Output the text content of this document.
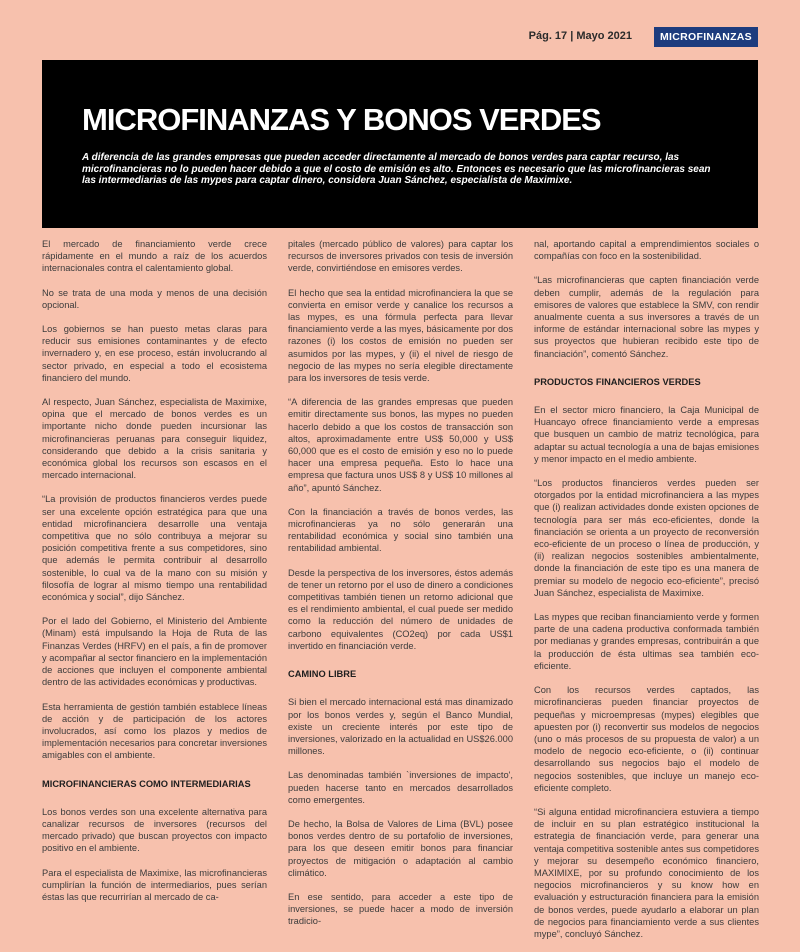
Pág. 17 | Mayo 2021	MICROFINANZAS
MICROFINANZAS Y BONOS VERDES
A diferencia de las grandes empresas que pueden acceder directamente al mercado de bonos verdes para captar recurso, las microfinancieras no lo pueden hacer debido a que el costo de emisión es alto. Entonces es necesario que las microfinancieras sean las intermediarias de las mypes para captar dinero, considera Juan Sánchez, especialista de Maximixe.

El mercado de financiamiento verde crece rápidamente en el mundo a raíz de los acuerdos internacionales contra el calentamiento global.

No se trata de una moda y menos de una decisión opcional.

Los gobiernos se han puesto metas claras para reducir sus emisiones contaminantes y de efecto invernadero y, en ese proceso, están involucrando al sector privado, en especial a todo el ecosistema financiero del mundo.

Al respecto, Juan Sánchez, especialista de Maximixe, opina que el mercado de bonos verdes es un importante nicho donde pueden incursionar las microfinancieras peruanas para conseguir liquidez, considerando que debido a la crisis sanitaria y económica global los recursos son escasos en el mercado internacional.

“La provisión de productos financieros verdes puede ser una excelente opción estratégica para que una entidad microfinanciera desarrolle una ventaja competitiva que no sólo contribuya a mejorar su posición competitiva frente a sus competidores, sino que además le permita contribuir al desarrollo sostenible, lo cual va de la mano con su misión y filosofía de lograr al mismo tiempo una rentabilidad económica y social”, dijo Sánchez.

Por el lado del Gobierno, el Ministerio del Ambiente (Minam) está impulsando la Hoja de Ruta de las Finanzas Verdes (HRFV) en el país, a fin de promover y acompañar al sector financiero en la implementación de acciones que incluyen el componente ambiental dentro de las actividades económicas y productivas.

Esta herramienta de gestión también establece líneas de acción y de participación de los actores involucrados, así como los plazos y medios de implementación necesarios para concretar inversiones amigables con el ambiente.

MICROFINANCIERAS COMO INTERMEDIARIAS

Los bonos verdes son una excelente alternativa para canalizar recursos de inversores (recursos del mercado privado) que buscan proyectos con impacto positivo en el ambiente.

Para el especialista de Maximixe, las microfinancieras cumplirían la función de intermediarios, pues serían éstas las que recurrirían al mercado de ca-

pitales (mercado público de valores) para captar los recursos de inversores privados con tesis de inversión verde, convirtiéndose en emisores verdes.

El hecho que sea la entidad microfinanciera la que se convierta en emisor verde y canalice los recursos a las mypes, es una fórmula perfecta para llevar financiamiento verde a las myes, básicamente por dos razones (i) los costos de emisión no pueden ser asumidos por las mypes, y (ii) el nivel de riesgo de negocio de las mypes no sería elegible directamente para los inversores de tesis verde.

“A diferencia de las grandes empresas que pueden emitir directamente sus bonos, las mypes no pueden hacerlo debido a que los costos de transacción son altos, aproximadamente entre US$ 50,000 y US$ 60,000 que es el costo de emisión y eso no lo puede hacer una empresa pequeña. Esto lo hace una empresa que factura unos US$ 8 y US$ 10 millones al año”, apuntó Sánchez.

Con la financiación a través de bonos verdes, las microfinancieras ya no sólo generarán una rentabilidad económica y social sino también una rentabilidad ambiental.

Desde la perspectiva de los inversores, éstos además de tener un retorno por el uso de dinero a condiciones competitivas también tienen un retorno adicional que es el rendimiento ambiental, el cual puede ser medido como la reducción del número de unidades de carbono equivalentes (CO2eq) por cada US$1 invertido en financiación verde.

CAMINO LIBRE

Si bien el mercado internacional está mas dinamizado por los bonos verdes y, según el Banco Mundial, existe un creciente interés por este tipo de inversiones, valorizado en la actualidad en US$26.000 millones.

Las denominadas también `inversiones de impacto', pueden hacerse tanto en mercados desarrollados como emergentes.

De hecho, la Bolsa de Valores de Lima (BVL) posee bonos verdes dentro de su portafolio de inversiones, para los que deseen emitir bonos para financiar proyectos de mitigación o adaptación al cambio climático.

En ese sentido, para acceder a este tipo de inversiones, se puede hacer a modo de inversión tradicio-

nal, aportando capital a emprendimientos sociales o compañías con foco en la sostenibilidad.

“Las microfinancieras que capten financiación verde deben cumplir, además de la regulación para emisores de valores que establece la SMV, con rendir anualmente cuenta a sus inversores a través de un informe de estándar internacional sobre las mypes y sus proyectos que hubieran recibido este tipo de financiación”, comentó Sánchez.

PRODUCTOS FINANCIEROS VERDES

En el sector micro financiero, la Caja Municipal de Huancayo ofrece financiamiento verde a empresas que busquen un cambio de matriz tecnológica, para adaptar su actual tecnología a una de bajas emisiones y menor impacto en el medio ambiente.

“Los productos financieros verdes pueden ser otorgados por la entidad microfinanciera a las mypes que (i) realizan actividades donde existen opciones de tecnología para ser más eco-eficientes, donde la financiación se orienta a un proyecto de reconversión eco-eficiente de un proceso o línea de producción, y (ii) realizan negocios sostenibles ambientalmente, donde la financiación de este tipo es una manera de premiar su modelo de negocio eco-eficiente”, precisó Juan Sánchez, especialista de Maximixe.

Las mypes que reciban financiamiento verde y formen parte de una cadena productiva conformada también por medianas y grandes empresas, contribuirán a que la producción de ésta ultimas sea también eco-eficiente.

Con los recursos verdes captados, las microfinancieras pueden financiar proyectos de pequeñas y microempresas (mypes) elegibles que apuesten por (i) reconvertir sus modelos de negocios (uno o más procesos de su propuesta de valor) a un modelo de negocio eco-eficiente, o (ii) continuar desarrollando sus negocios bajo el modelo de negocios sostenibles, que incluye un manejo eco-eficiente completo.

“Si alguna entidad microfinanciera estuviera a tiempo de incluir en su plan estratégico institucional la estrategia de financiación verde, para generar una ventaja competitiva sostenible antes sus competidores y mejorar su desempeño económico financiero, MAXIMIXE, por su profundo conocimiento de los negocios microfinancieros y su know how en evaluación y estructuración financiera para la emisión de bonos verdes, puede ayudarlo a elaborar un plan de negocios para financiamiento verde a sus clientes mype”, concluyó Sánchez.
